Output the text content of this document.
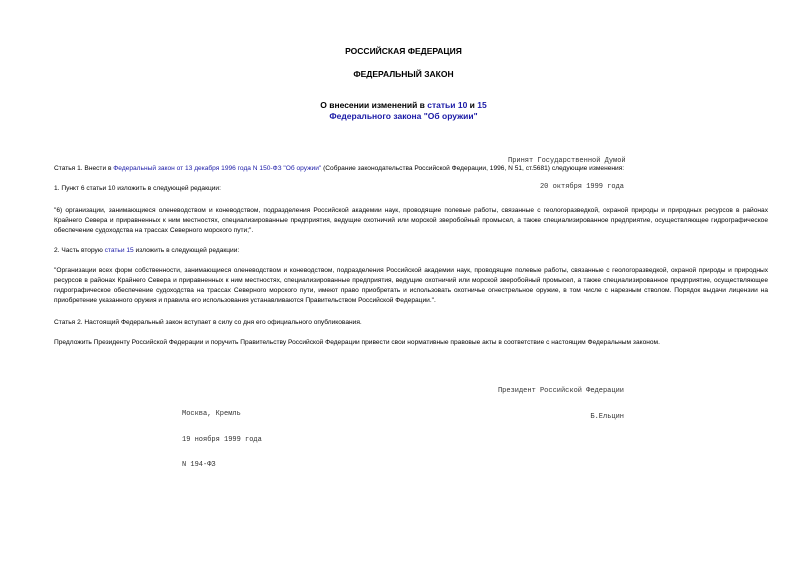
РОССИЙСКАЯ ФЕДЕРАЦИЯ
ФЕДЕРАЛЬНЫЙ ЗАКОН
О внесении изменений в статьи 10 и 15
Федерального закона "Об оружии"

Принят Государственной Думой

20 октября 1999 года

Статья 1. Внести в Федеральный закон от 13 декабря 1996 года N 150-ФЗ "Об оружии" (Собрание законодательства Российской Федерации, 1996, N 51, ст.5681) следующие изменения:
1. Пункт 6 статьи 10 изложить в следующей редакции:
"6) организации, занимающиеся оленеводством и коневодством, подразделения Российской академии наук, проводящие полевые работы, связанные с геологоразведкой, охраной природы и природных ресурсов в районах Крайнего Севера и приравненных к ним местностях, специализированные предприятия, ведущие охотничий или морской зверобойный промысел, а также специализированное предприятие, осуществляющее гидрографическое обеспечение судоходства на трассах Северного морского пути;".
2. Часть вторую статьи 15 изложить в следующей редакции:
"Организации всех форм собственности, занимающиеся оленеводством и коневодством, подразделения Российской академии наук, проводящие полевые работы, связанные с геологоразведкой, охраной природы и природных ресурсов в районах Крайнего Севера и приравненных к ним местностях, специализированные предприятия, ведущие охотничий или морской зверобойный промысел, а также специализированное предприятие, осуществляющее гидрографическое обеспечение судоходства на трассах Северного морского пути, имеют право приобретать и использовать охотничье огнестрельное оружие, в том числе с нарезным стволом. Порядок выдачи лицензии на приобретение указанного оружия и правила его использования устанавливаются Правительством Российской Федерации.".
Статья 2. Настоящий Федеральный закон вступает в силу со дня его официального опубликования.
Предложить Президенту Российской Федерации и поручить Правительству Российской Федерации привести свои нормативные правовые акты в соответствие с настоящим Федеральным законом.

Президент Российской Федерации

Б.Ельцин

Москва, Кремль

19 ноября 1999 года

N 194-ФЗ
